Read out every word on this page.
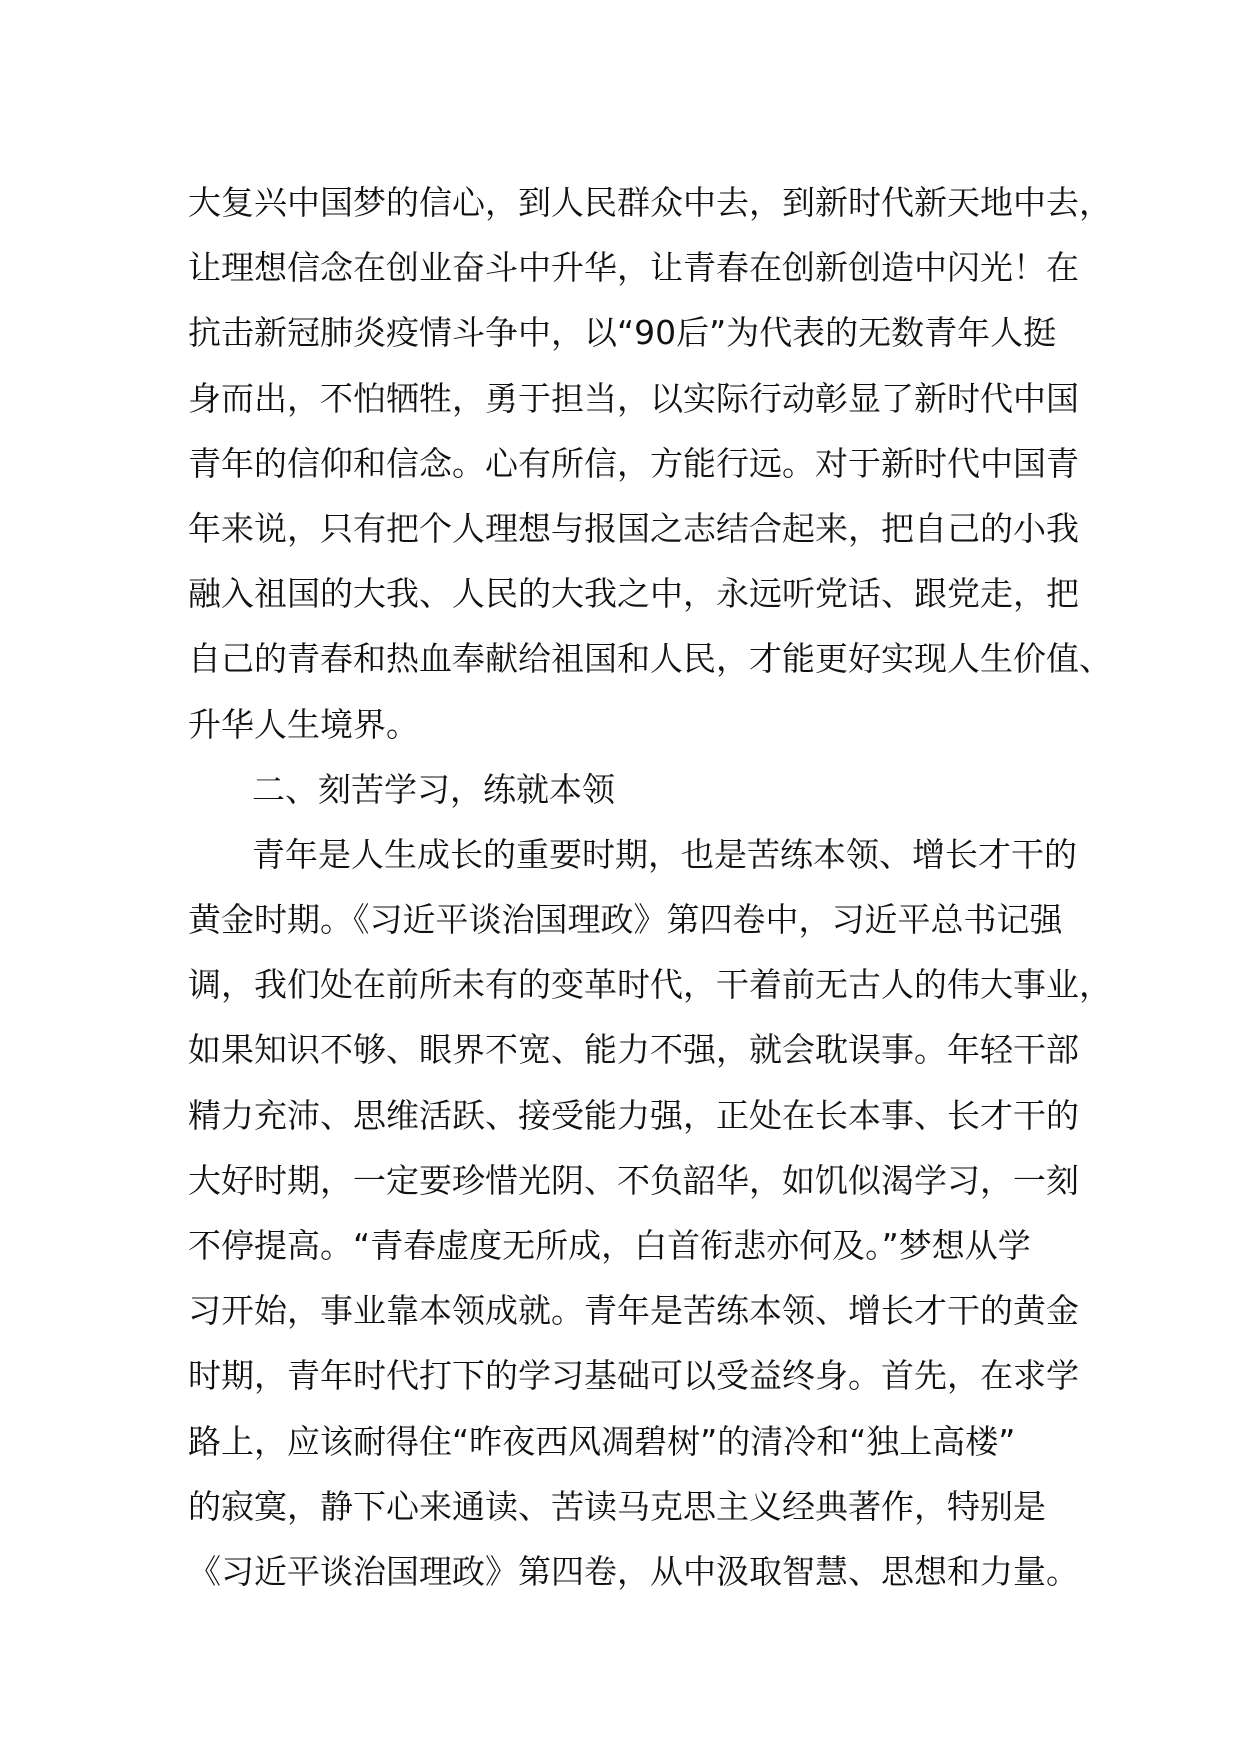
大复兴中国梦的信心，到人民群众中去，到新时代新天地中去，
让理想信念在创业奋斗中升华，让青春在创新创造中闪光！在
抗击新冠肺炎疫情斗争中，以“90后”为代表的无数青年人挺
身而出，不怕牺牲，勇于担当，以实际行动彰显了新时代中国
青年的信仰和信念。心有所信，方能行远。对于新时代中国青
年来说，只有把个人理想与报国之志结合起来，把自己的小我
融入祖国的大我、人民的大我之中，永远听党话、跟党走，把
自己的青春和热血奉献给祖国和人民，才能更好实现人生价值、
升华人生境界。
二、刻苦学习，练就本领
青年是人生成长的重要时期，也是苦练本领、增长才干的
黄金时期。《习近平谈治国理政》第四卷中，习近平总书记强
调，我们处在前所未有的变革时代，干着前无古人的伟大事业，
如果知识不够、眼界不宽、能力不强，就会耽误事。年轻干部
精力充沛、思维活跃、接受能力强，正处在长本事、长才干的
大好时期，一定要珍惜光阴、不负韶华，如饥似渴学习，一刻
不停提高。“青春虚度无所成，白首衔悲亦何及。”梦想从学
习开始，事业靠本领成就。青年是苦练本领、增长才干的黄金
时期，青年时代打下的学习基础可以受益终身。首先，在求学
路上，应该耐得住“昨夜西风凋碧树”的清冷和“独上高楼”
的寂寞，静下心来通读、苦读马克思主义经典著作，特别是
《习近平谈治国理政》第四卷，从中汲取智慧、思想和力量。
